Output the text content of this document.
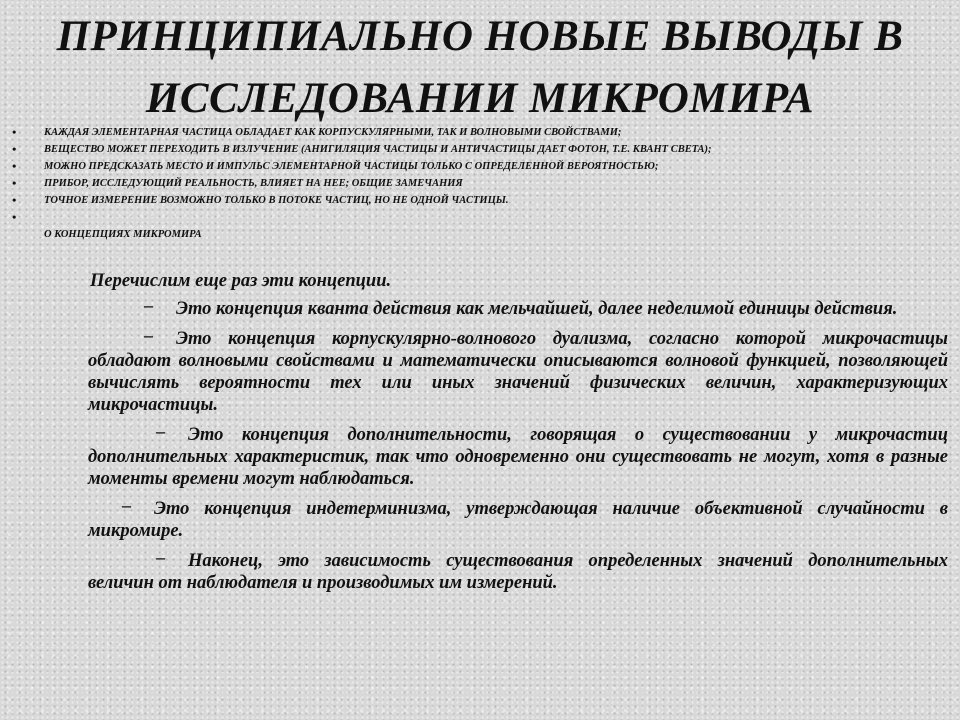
ПРИНЦИПИАЛЬНО НОВЫЕ ВЫВОДЫ В ИССЛЕДОВАНИИ МИКРОМИРА
•	КАЖДАЯ ЭЛЕМЕНТАРНАЯ ЧАСТИЦА ОБЛАДАЕТ КАК КОРПУСКУЛЯРНЫМИ, ТАК И ВОЛНОВЫМИ СВОЙСТВАМИ;
•	ВЕЩЕСТВО МОЖЕТ ПЕРЕХОДИТЬ В ИЗЛУЧЕНИЕ (АНИГИЛЯЦИЯ ЧАСТИЦЫ И АНТИЧАСТИЦЫ ДАЕТ ФОТОН, Т.Е. КВАНТ СВЕТА);
•	МОЖНО ПРЕДСКАЗАТЬ МЕСТО И ИМПУЛЬС ЭЛЕМЕНТАРНОЙ ЧАСТИЦЫ ТОЛЬКО С ОПРЕДЕЛЕННОЙ ВЕРОЯТНОСТЬЮ;
•	ПРИБОР, ИССЛЕДУЮЩИЙ РЕАЛЬНОСТЬ, ВЛИЯЕТ НА НЕЕ; ОБЩИЕ ЗАМЕЧАНИЯ
•	ТОЧНОЕ ИЗМЕРЕНИЕ ВОЗМОЖНО ТОЛЬКО В ПОТОКЕ ЧАСТИЦ, НО НЕ ОДНОЙ ЧАСТИЦЫ.
•
О КОНЦЕПЦИЯХ МИКРОМИРА
Перечислим еще раз эти концепции.
– Это концепция кванта действия как мельчайшей, далее неделимой единицы действия.
– Это концепция корпускулярно-волнового дуализма, согласно которой микрочастицы обладают волновыми свойствами и математически описываются волновой функцией, позволяющей вычислять вероятности тех или иных значений физических величин, характеризующих микрочастицы.
– Это концепция дополнительности, говорящая о существовании у микрочастиц дополнительных характеристик, так что одновременно они существовать не могут, хотя в разные моменты времени могут наблюдаться.
– Это концепция индетерминизма, утверждающая наличие объективной случайности в микромире.
– Наконец, это зависимость существования определенных значений дополнительных величин от наблюдателя и производимых им измерений.
